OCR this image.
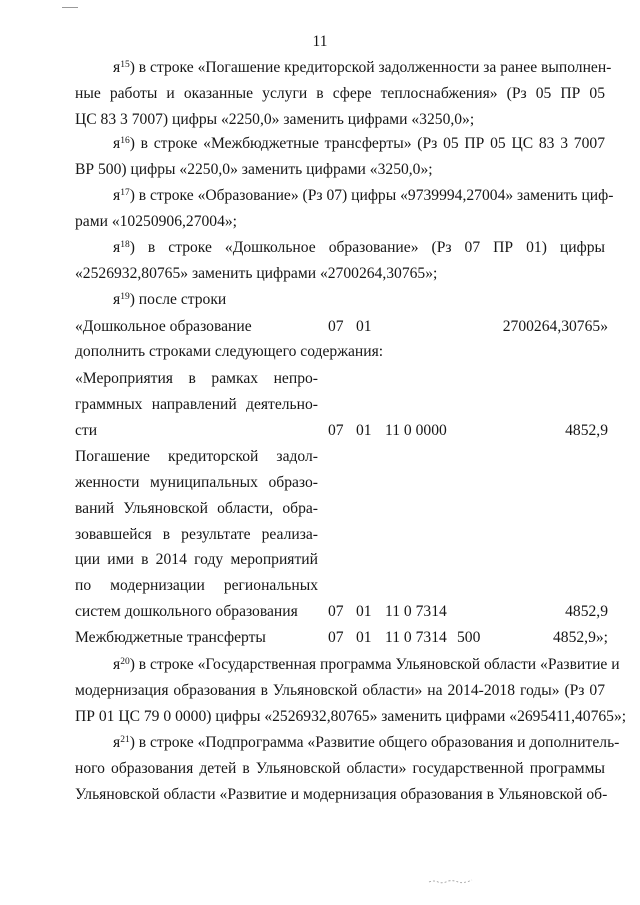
11
$я^{15}$) в строке «Погашение кредиторской задолженности за ранее выполнен-
ные работы и оказанные услуги в сфере теплоснабжения» (Рз 05 ПР 05
ЦС 83 3 7007) цифры «2250,0» заменить цифрами «3250,0»;
$я^{16}$) в строке «Межбюджетные трансферты» (Рз 05 ПР 05 ЦС 83 3 7007
ВР 500) цифры «2250,0» заменить цифрами «3250,0»;
$я^{17}$) в строке «Образование» (Рз 07) цифры «9739994,27004» заменить циф-
рами «10250906,27004»;
$я^{18}$) в строке «Дошкольное образование» (Рз 07 ПР 01) цифры
«2526932,80765» заменить цифрами «2700264,30765»;
$я^{19}$) после строки
«Дошкольное образование	07 01	2700264,30765»
дополнить строками следующего содержания:
«Мероприятия в рамках непро-
граммных направлений деятельно-
сти	07 01 11 0 0000	4852,9
Погашение кредиторской задол-
женности муниципальных образо-
ваний Ульяновской области, обра-
зовавшейся в результате реализа-
ции ими в 2014 году мероприятий
по модернизации региональных
систем дошкольного образования	07 01 11 0 7314	4852,9
Межбюджетные трансферты	07 01 11 0 7314 500	4852,9»;
$я^{20}$) в строке «Государственная программа Ульяновской области «Развитие и
модернизация образования в Ульяновской области» на 2014-2018 годы» (Рз 07
ПР 01 ЦС 79 0 0000) цифры «2526932,80765» заменить цифрами «2695411,40765»;
$я^{21}$) в строке «Подпрограмма «Развитие общего образования и дополнитель-
ного образования детей в Ульяновской области» государственной программы
Ульяновской области «Развитие и модернизация образования в Ульяновской об-
